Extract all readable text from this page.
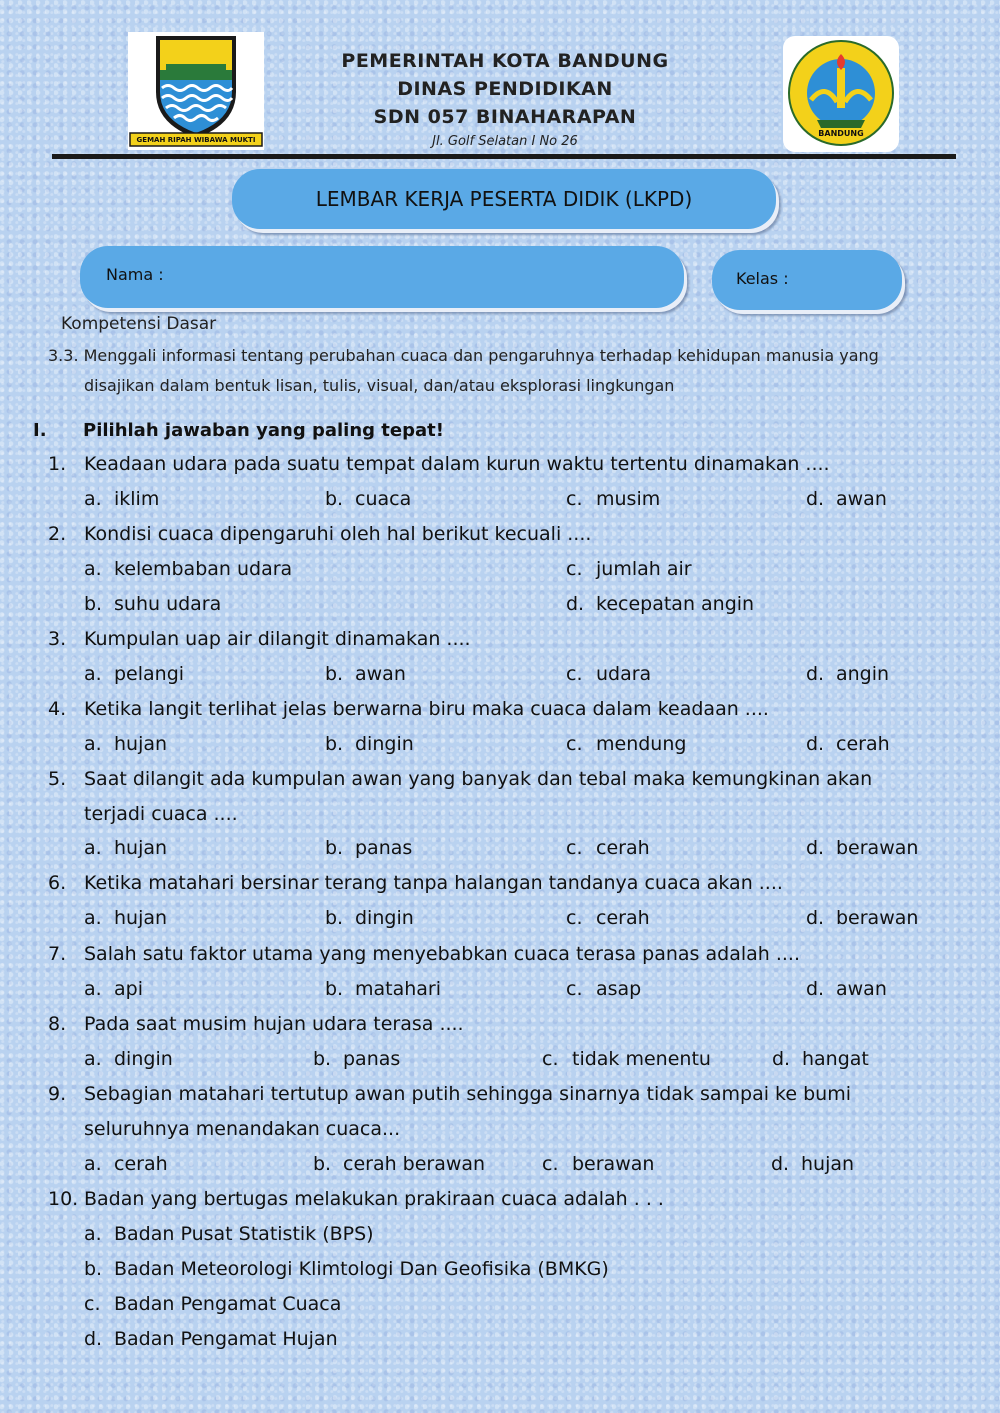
GEMAH RIPAH WIBAWA MUKTI
PEMERINTAH KOTA BANDUNG
DINAS PENDIDIKAN
SDN 057 BINAHARAPAN
Jl. Golf Selatan I No 26
BANDUNG
LEMBAR KERJA PESERTA DIDIK (LKPD)
Nama :	Kelas :
Kompetensi Dasar
3.3. Menggali informasi tentang perubahan cuaca dan pengaruhnya terhadap kehidupan manusia yang
disajikan dalam bentuk lisan, tulis, visual, dan/atau eksplorasi lingkungan
I. Pilihlah jawaban yang paling tepat!
1. Keadaan udara pada suatu tempat dalam kurun waktu tertentu dinamakan ....
a. iklim	b. cuaca	c. musim	d. awan
2. Kondisi cuaca dipengaruhi oleh hal berikut kecuali ....
a. kelembaban udara	c. jumlah air
b. suhu udara	d. kecepatan angin
3. Kumpulan uap air dilangit dinamakan ....
a. pelangi	b. awan	c. udara	d. angin
4. Ketika langit terlihat jelas berwarna biru maka cuaca dalam keadaan ....
a. hujan	b. dingin	c. mendung	d. cerah
5. Saat dilangit ada kumpulan awan yang banyak dan tebal maka kemungkinan akan
terjadi cuaca ....
a. hujan	b. panas	c. cerah	d. berawan
6. Ketika matahari bersinar terang tanpa halangan tandanya cuaca akan ....
a. hujan	b. dingin	c. cerah	d. berawan
7. Salah satu faktor utama yang menyebabkan cuaca terasa panas adalah ....
a. api	b. matahari	c. asap	d. awan
8. Pada saat musim hujan udara terasa ....
a. dingin	b. panas	c. tidak menentu	d. hangat
9. Sebagian matahari tertutup awan putih sehingga sinarnya tidak sampai ke bumi
seluruhnya menandakan cuaca...
a. cerah	b. cerah berawan	c. berawan	d. hujan
10. Badan yang bertugas melakukan prakiraan cuaca adalah . . .
a. Badan Pusat Statistik (BPS)
b. Badan Meteorologi Klimtologi Dan Geofisika (BMKG)
c. Badan Pengamat Cuaca
d. Badan Pengamat Hujan
